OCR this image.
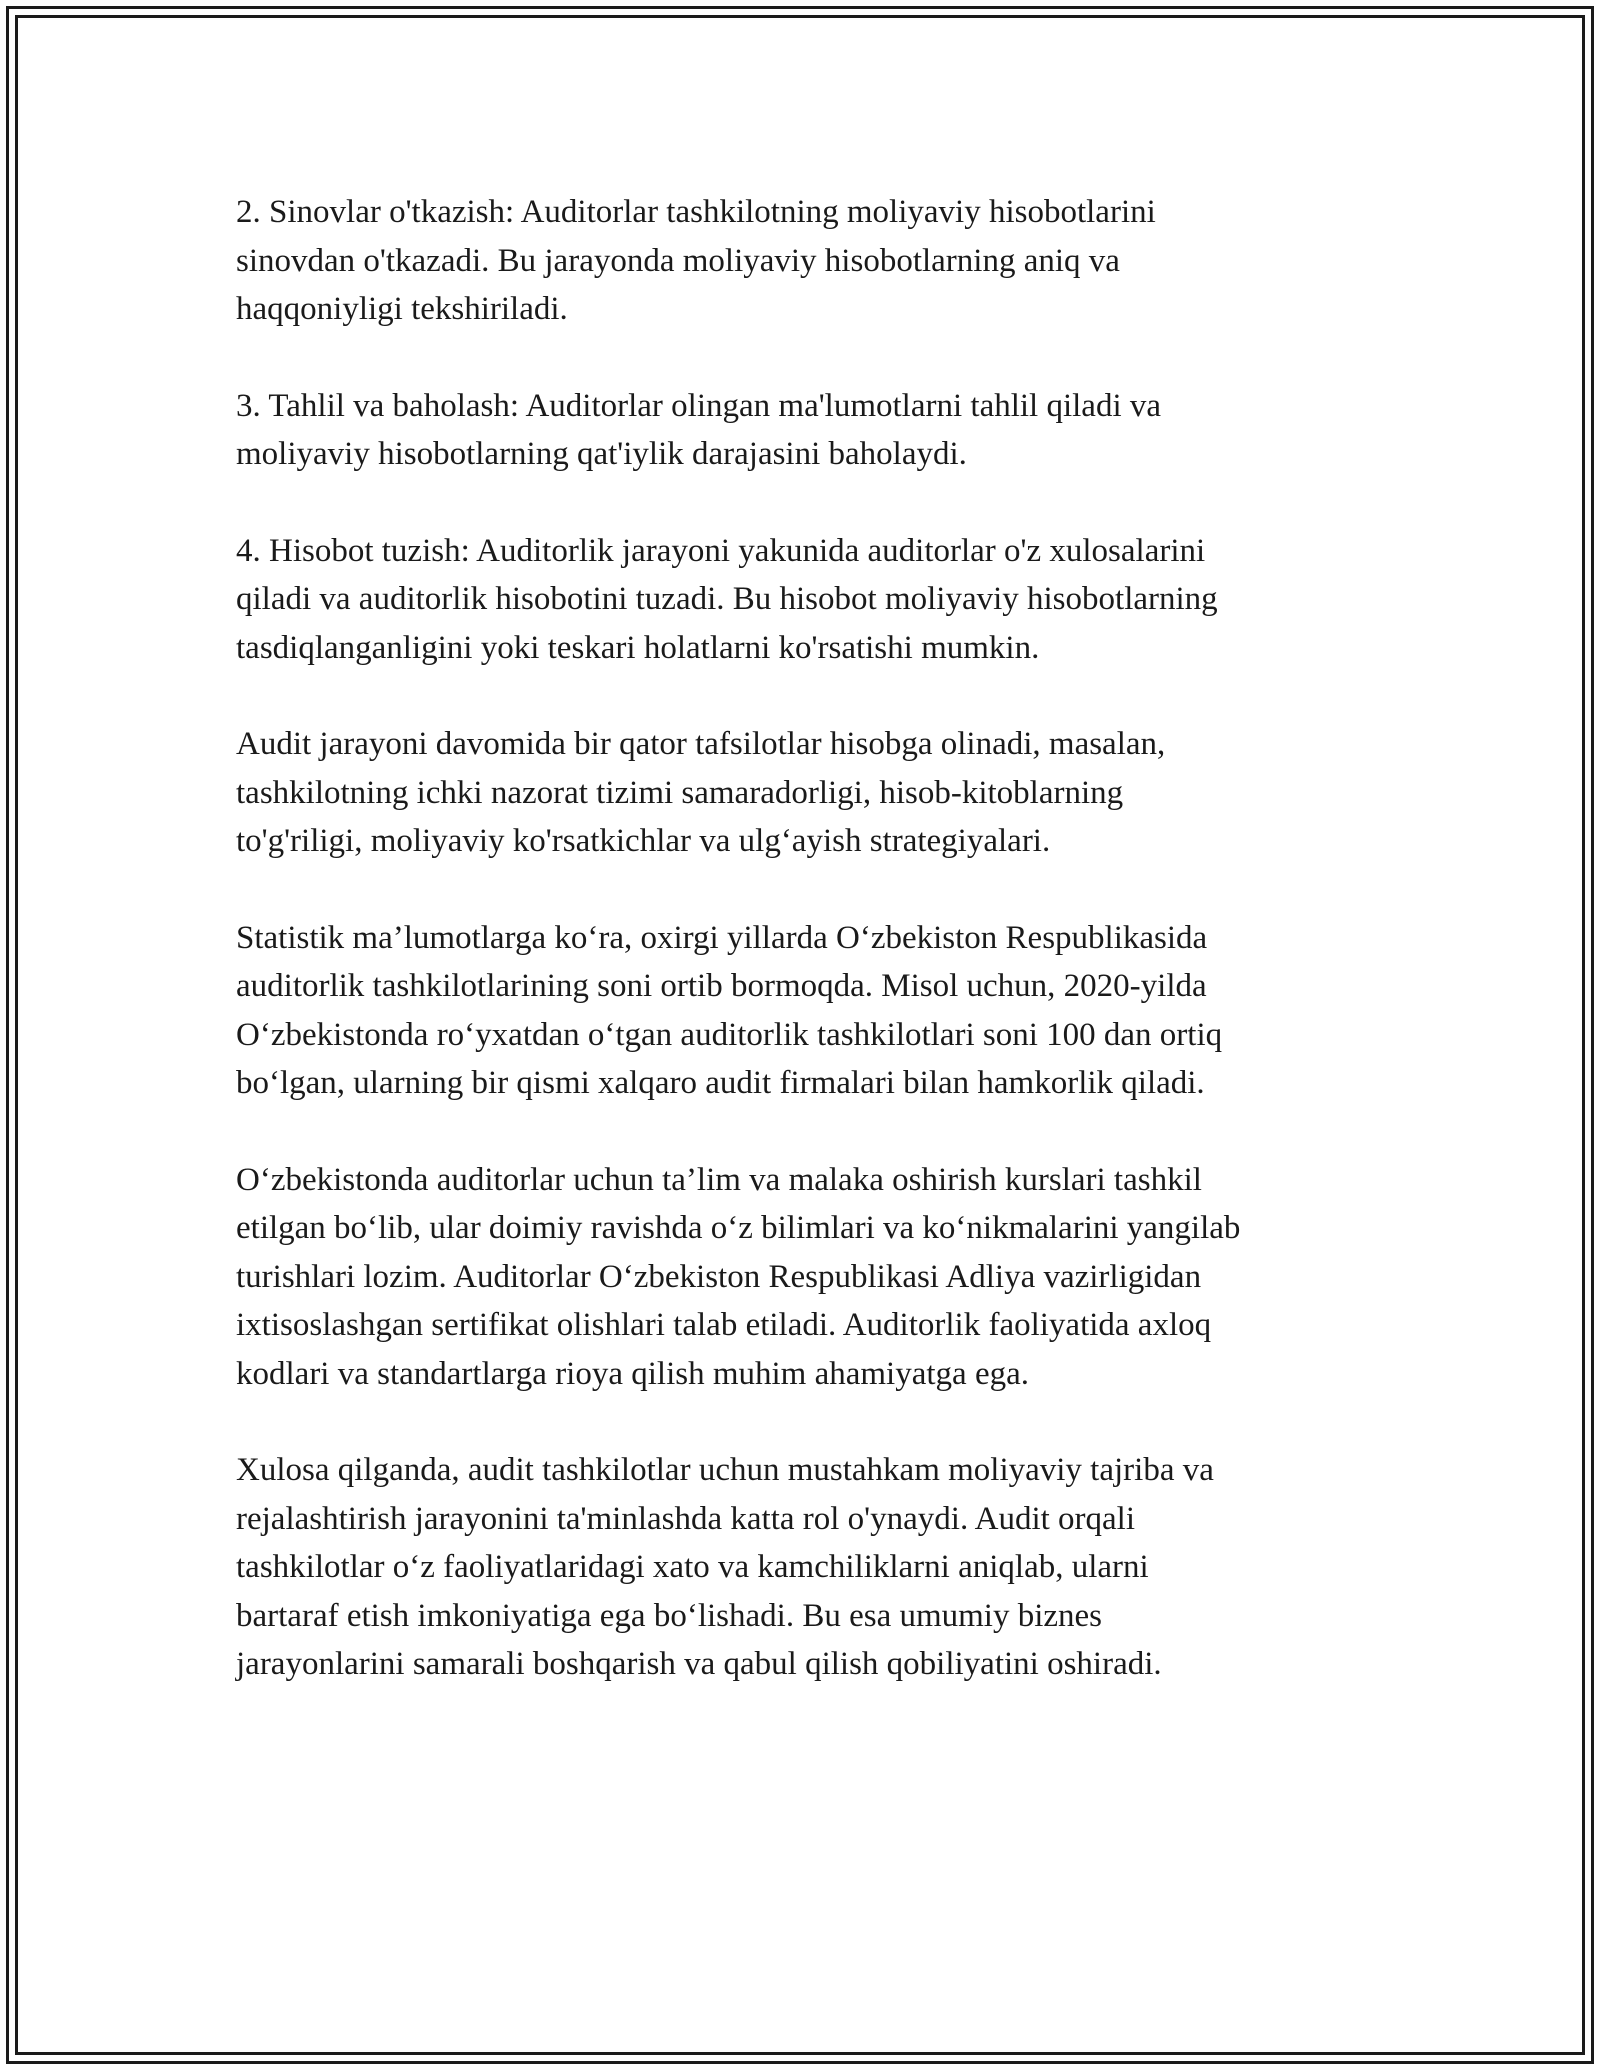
2. Sinovlar o'tkazish: Auditorlar tashkilotning moliyaviy hisobotlarini
sinovdan o'tkazadi. Bu jarayonda moliyaviy hisobotlarning aniq va
haqqoniyligi tekshiriladi.

3. Tahlil va baholash: Auditorlar olingan ma'lumotlarni tahlil qiladi va
moliyaviy hisobotlarning qat'iylik darajasini baholaydi.

4. Hisobot tuzish: Auditorlik jarayoni yakunida auditorlar o'z xulosalarini
qiladi va auditorlik hisobotini tuzadi. Bu hisobot moliyaviy hisobotlarning
tasdiqlanganligini yoki teskari holatlarni ko'rsatishi mumkin.

Audit jarayoni davomida bir qator tafsilotlar hisobga olinadi, masalan,
tashkilotning ichki nazorat tizimi samaradorligi, hisob-kitoblarning
to'g'riligi, moliyaviy ko'rsatkichlar va ulg‘ayish strategiyalari.

Statistik ma’lumotlarga ko‘ra, oxirgi yillarda O‘zbekiston Respublikasida
auditorlik tashkilotlarining soni ortib bormoqda. Misol uchun, 2020-yilda
O‘zbekistonda ro‘yxatdan o‘tgan auditorlik tashkilotlari soni 100 dan ortiq
bo‘lgan, ularning bir qismi xalqaro audit firmalari bilan hamkorlik qiladi.

O‘zbekistonda auditorlar uchun ta’lim va malaka oshirish kurslari tashkil
etilgan bo‘lib, ular doimiy ravishda o‘z bilimlari va ko‘nikmalarini yangilab
turishlari lozim. Auditorlar O‘zbekiston Respublikasi Adliya vazirligidan
ixtisoslashgan sertifikat olishlari talab etiladi. Auditorlik faoliyatida axloq
kodlari va standartlarga rioya qilish muhim ahamiyatga ega.

Xulosa qilganda, audit tashkilotlar uchun mustahkam moliyaviy tajriba va
rejalashtirish jarayonini ta'minlashda katta rol o'ynaydi. Audit orqali
tashkilotlar o‘z faoliyatlaridagi xato va kamchiliklarni aniqlab, ularni
bartaraf etish imkoniyatiga ega bo‘lishadi. Bu esa umumiy biznes
jarayonlarini samarali boshqarish va qabul qilish qobiliyatini oshiradi.
